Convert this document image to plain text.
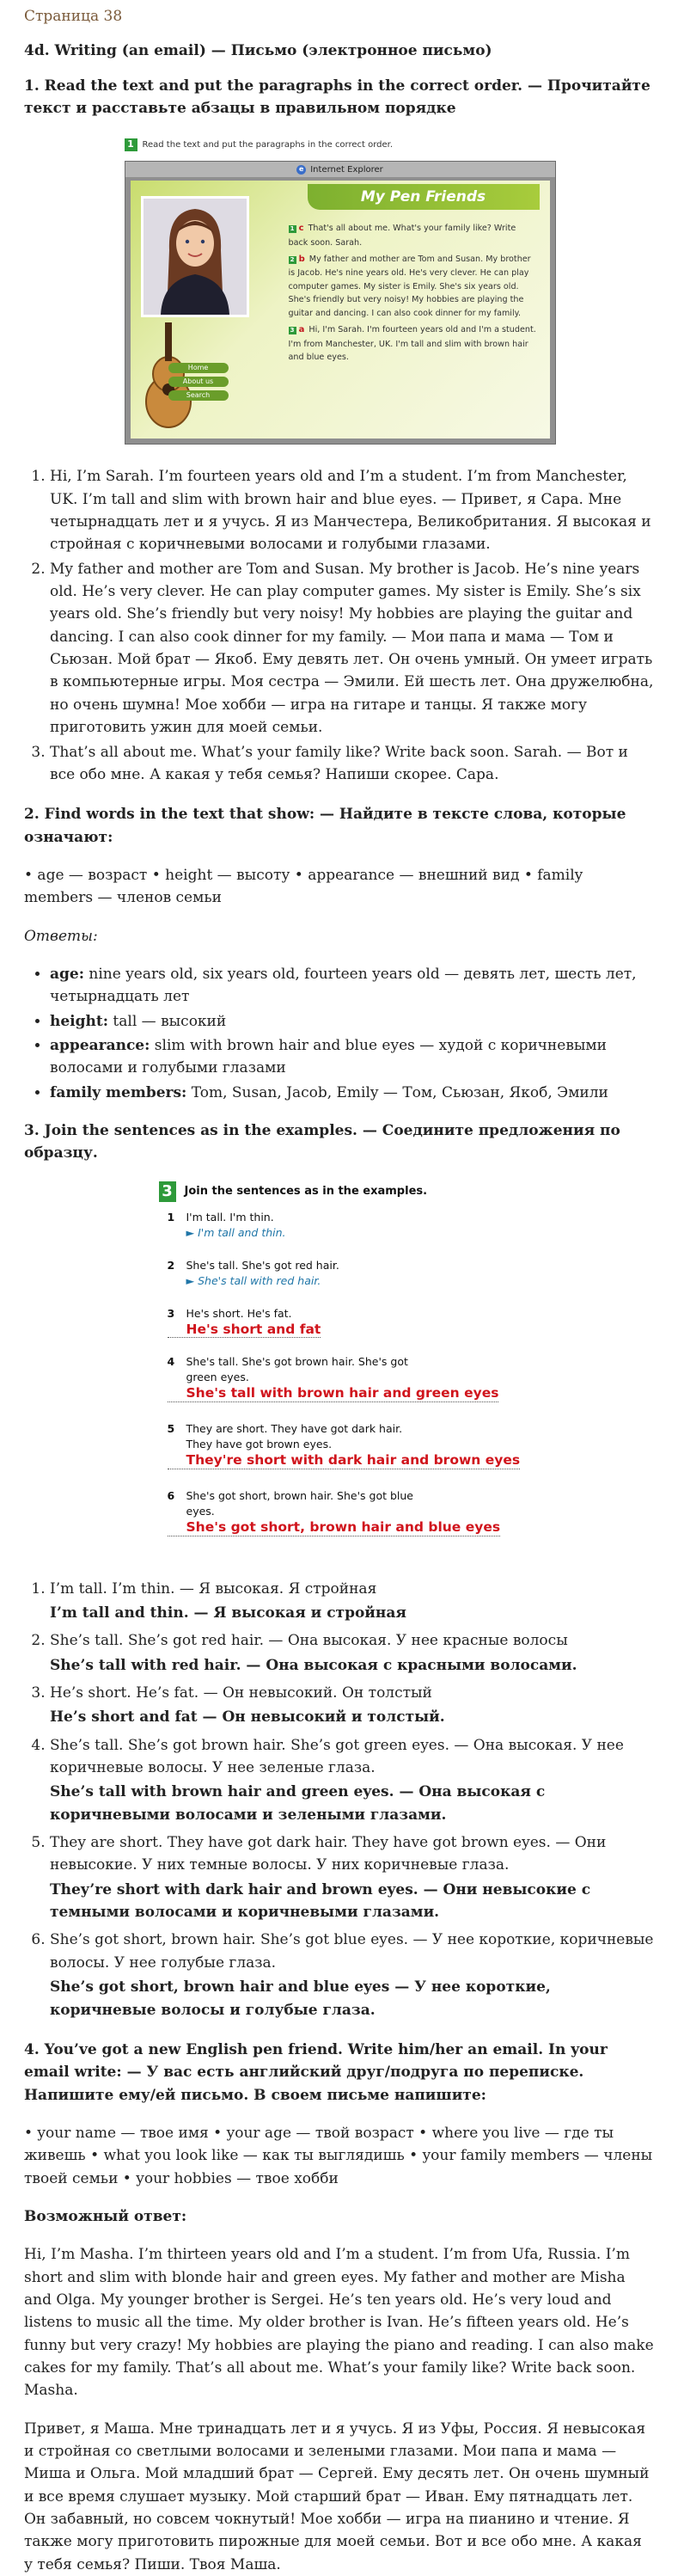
Страница 38
4d. Writing (an email) — Письмо (электронное письмо)
1. Read the text and put the paragraphs in the correct order. — Прочитайте текст и расставьте абзацы в правильном порядке
1 Read the text and put the paragraphs in the correct order.
e Internet Explorer
My Pen Friends
Home
About us
Search
1 c That's all about me. What's your family like? Write back soon. Sarah.
2 b My father and mother are Tom and Susan. My brother is Jacob. He's nine years old. He's very clever. He can play computer games. My sister is Emily. She's six years old. She's friendly but very noisy! My hobbies are playing the guitar and dancing. I can also cook dinner for my family.
3 a Hi, I'm Sarah. I'm fourteen years old and I'm a student. I'm from Manchester, UK. I'm tall and slim with brown hair and blue eyes.
1. Hi, I’m Sarah. I’m fourteen years old and I’m a student. I’m from Manchester, UK. I’m tall and slim with brown hair and blue eyes. — Привет, я Сара. Мне четырнадцать лет и я учусь. Я из Манчестера, Великобритания. Я высокая и стройная с коричневыми волосами и голубыми глазами.
2. My father and mother are Tom and Susan. My brother is Jacob. He’s nine years old. He’s very clever. He can play computer games. My sister is Emily. She’s six years old. She’s friendly but very noisy! My hobbies are playing the guitar and dancing. I can also cook dinner for my family. — Мои папа и мама — Том и Сьюзан. Мой брат — Якоб. Ему девять лет. Он очень умный. Он умеет играть в компьютерные игры. Моя сестра — Эмили. Ей шесть лет. Она дружелюбна, но очень шумна! Мое хобби — игра на гитаре и танцы. Я также могу приготовить ужин для моей семьи.
3. That’s all about me. What’s your family like? Write back soon. Sarah. — Вот и все обо мне. А какая у тебя семья? Напиши скорее. Сара.
2. Find words in the text that show: — Найдите в тексте слова, которые означают:

• age — возраст • height — высоту • appearance — внешний вид • family members — членов семьи

Ответы:

• age: nine years old, six years old, fourteen years old — девять лет, шесть лет, четырнадцать лет
• height: tall — высокий
• appearance: slim with brown hair and blue eyes — худой с коричневыми волосами и голубыми глазами
• family members: Tom, Susan, Jacob, Emily — Том, Сьюзан, Якоб, Эмили
3. Join the sentences as in the examples. — Соедините предложения по образцу.
3 Join the sentences as in the examples.
1 I'm tall. I'm thin.
► I'm tall and thin.
2 She's tall. She's got red hair.
► She's tall with red hair.
3 He's short. He's fat.
He's short and fat
4 She's tall. She's got brown hair. She's got
green eyes.
She's tall with brown hair and green eyes
5 They are short. They have got dark hair.
They have got brown eyes.
They're short with dark hair and brown eyes
6 She's got short, brown hair. She's got blue
eyes.
She's got short, brown hair and blue eyes
1. I’m tall. I’m thin. — Я высокая. Я стройная
I’m tall and thin. — Я высокая и стройная
2. She’s tall. She’s got red hair. — Она высокая. У нее красные волосы
She’s tall with red hair. — Она высокая с красными волосами.
3. He’s short. He’s fat. — Он невысокий. Он толстый
He’s short and fat — Он невысокий и толстый.
4. She’s tall. She’s got brown hair. She’s got green eyes. — Она высокая. У нее коричневые волосы. У нее зеленые глаза.
She’s tall with brown hair and green eyes. — Она высокая с коричневыми волосами и зелеными глазами.
5. They are short. They have got dark hair. They have got brown eyes. — Они невысокие. У них темные волосы. У них коричневые глаза.
They’re short with dark hair and brown eyes. — Они невысокие с темными волосами и коричневыми глазами.
6. She’s got short, brown hair. She’s got blue eyes. — У нее короткие, коричневые волосы. У нее голубые глаза.
She’s got short, brown hair and blue eyes — У нее короткие, коричневые волосы и голубые глаза.
4. You’ve got a new English pen friend. Write him/her an email. In your email write: — У вас есть английский друг/подруга по переписке. Напишите ему/ей письмо. В своем письме напишите:

• your name — твое имя • your age — твой возраст • where you live — где ты живешь • what you look like — как ты выглядишь • your family members — члены твоей семьи • your hobbies — твое хобби

Возможный ответ:

Hi, I’m Masha. I’m thirteen years old and I’m a student. I’m from Ufa, Russia. I’m short and slim with blonde hair and green eyes. My father and mother are Misha and Olga. My younger brother is Sergei. He’s ten years old. He’s very loud and listens to music all the time. My older brother is Ivan. He’s fifteen years old. He’s funny but very crazy! My hobbies are playing the piano and reading. I can also make cakes for my family. That’s all about me. What’s your family like? Write back soon. Masha.

Привет, я Маша. Мне тринадцать лет и я учусь. Я из Уфы, Россия. Я невысокая и стройная со светлыми волосами и зелеными глазами. Мои папа и мама — Миша и Ольга. Мой младший брат — Сергей. Ему десять лет. Он очень шумный и все время слушает музыку. Мой старший брат — Иван. Ему пятнадцать лет. Он забавный, но совсем чокнутый! Мое хобби — игра на пианино и чтение. Я также могу приготовить пирожные для моей семьи. Вот и все обо мне. А какая у тебя семья? Пиши. Твоя Маша.
